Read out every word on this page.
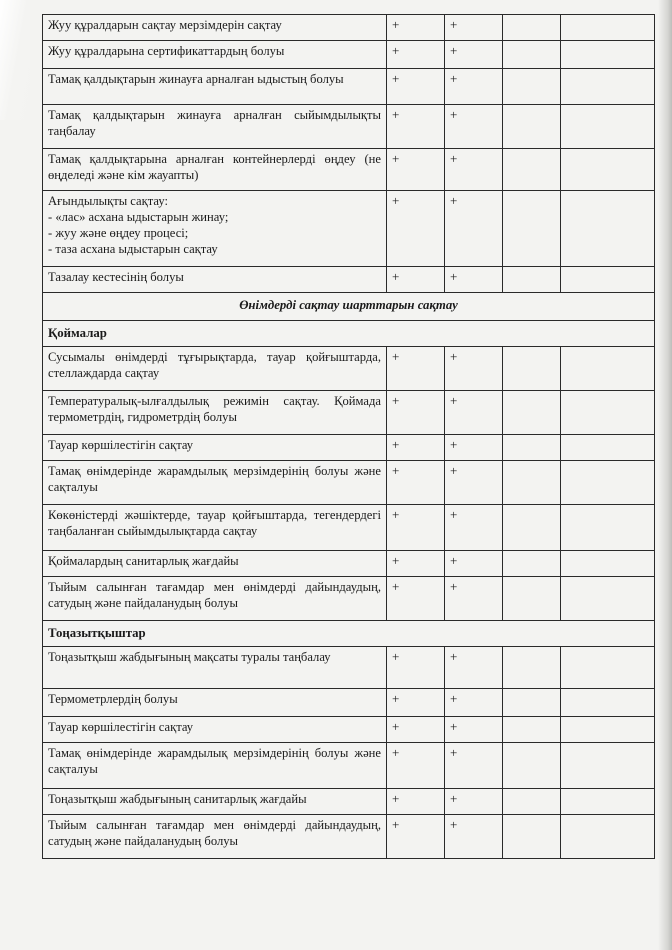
Жуу құралдарын сақтау мерзімдерін сақтау	+	+		
Жуу құралдарына сертификаттардың болуы	+	+		
Тамақ қалдықтарын жинауға арналған ыдыстың болуы	+	+		
Тамақ қалдықтарын жинауға арналған сыйымдылықты таңбалау	+	+		
Тамақ қалдықтарына арналған контейнерлерді өңдеу (не өңделеді және кім жауапты)	+	+		

Ағындылықты сақтау:
- «лас» асхана ыдыстарын жинау;
- жуу және өңдеу процесі;
- таза асхана ыдыстарын сақтау	+	+		
Тазалау кестесінің болуы	+	+		
Өнімдерді сақтау шарттарын сақтау				
Қоймалар				
Сусымалы өнімдерді тұғырықтарда, тауар қойғыштарда, стеллаждарда сақтау	+	+		
Температуралық-ылғалдылық режимін сақтау. Қоймада термометрдің, гидрометрдің болуы	+	+		
Тауар көршілестігін сақтау	+	+		
Тамақ өнімдерінде жарамдылық мерзімдерінің болуы және сақталуы	+	+		
Көкөністерді жәшіктерде, тауар қойғыштарда, тегендердегі таңбаланған сыйымдылықтарда сақтау	+	+		
Қоймалардың санитарлық жағдайы	+	+		
Тыйым салынған тағамдар мен өнімдерді дайындаудың, сатудың және пайдаланудың болуы	+	+		
Тоңазытқыштар				
Тоңазытқыш жабдығының мақсаты туралы таңбалау	+	+		
Термометрлердің болуы	+	+		
Тауар көршілестігін сақтау	+	+		
Тамақ өнімдерінде жарамдылық мерзімдерінің болуы және сақталуы	+	+		
Тоңазытқыш жабдығының санитарлық жағдайы	+	+		
Тыйым салынған тағамдар мен өнімдерді дайындаудың, сатудың және пайдаланудың болуы	+	+		
